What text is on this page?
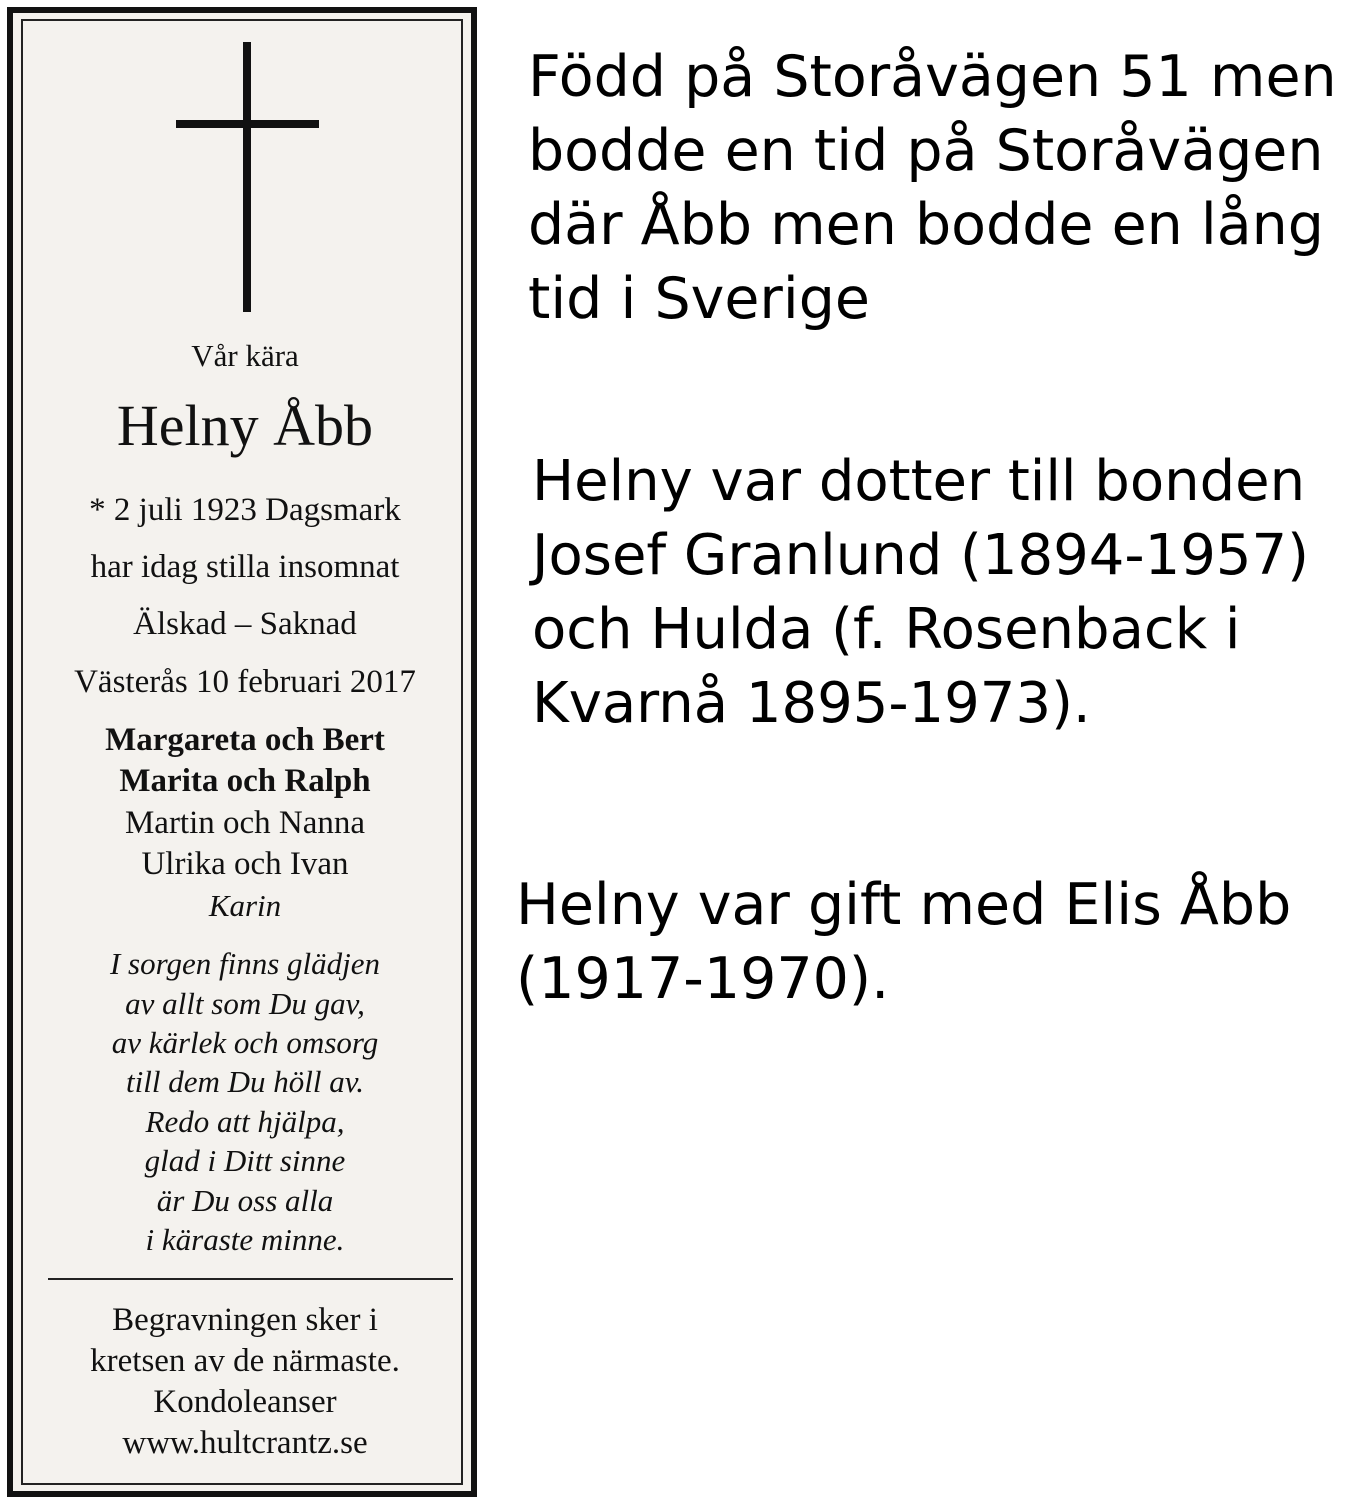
Vår kära
Helny Åbb
* 2 juli 1923 Dagsmark
har idag stilla insomnat
Älskad – Saknad
Västerås 10 februari 2017
Margareta och Bert
Marita och Ralph
Martin och Nanna
Ulrika och Ivan
Karin
I sorgen finns glädjen
av allt som Du gav,
av kärlek och omsorg
till dem Du höll av.
Redo att hjälpa,
glad i Ditt sinne
är Du oss alla
i käraste minne.
Begravningen sker i
kretsen av de närmaste.
Kondoleanser
www.hultcrantz.se
Född på Storåvägen 51 men
bodde en tid på Storåvägen
där Åbb men bodde en lång
tid i Sverige
Helny var dotter till bonden
Josef Granlund (1894-1957)
och Hulda (f. Rosenback i
Kvarnå 1895-1973).
Helny var gift med Elis Åbb
(1917-1970).
